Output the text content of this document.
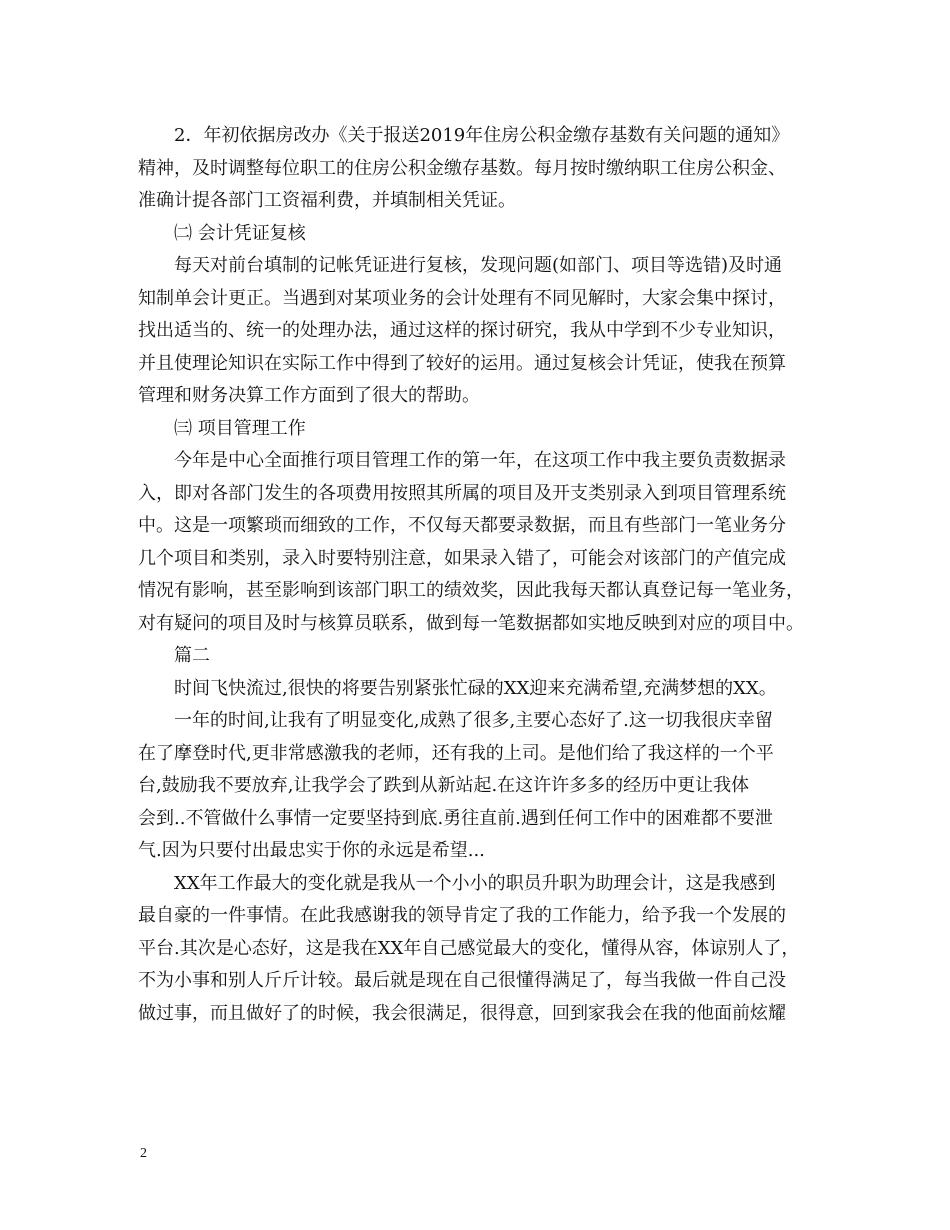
2．年初依据房改办《关于报送2019年住房公积金缴存基数有关问题的通知》
精神，及时调整每位职工的住房公积金缴存基数。每月按时缴纳职工住房公积金、
准确计提各部门工资福利费，并填制相关凭证。
㈡ 会计凭证复核
每天对前台填制的记帐凭证进行复核，发现问题(如部门、项目等选错)及时通
知制单会计更正。当遇到对某项业务的会计处理有不同见解时，大家会集中探讨，
找出适当的、统一的处理办法，通过这样的探讨研究，我从中学到不少专业知识，
并且使理论知识在实际工作中得到了较好的运用。通过复核会计凭证，使我在预算
管理和财务决算工作方面到了很大的帮助。
㈢ 项目管理工作
今年是中心全面推行项目管理工作的第一年，在这项工作中我主要负责数据录
入，即对各部门发生的各项费用按照其所属的项目及开支类别录入到项目管理系统
中。这是一项繁琐而细致的工作，不仅每天都要录数据，而且有些部门一笔业务分
几个项目和类别，录入时要特别注意，如果录入错了，可能会对该部门的产值完成
情况有影响，甚至影响到该部门职工的绩效奖，因此我每天都认真登记每一笔业务，
对有疑问的项目及时与核算员联系，做到每一笔数据都如实地反映到对应的项目中。
篇二
时间飞快流过,很快的将要告别紧张忙碌的XX迎来充满希望,充满梦想的XX。
一年的时间,让我有了明显变化,成熟了很多,主要心态好了.这一切我很庆幸留
在了摩登时代,更非常感激我的老师，还有我的上司。是他们给了我这样的一个平
台,鼓励我不要放弃,让我学会了跌到从新站起.在这许许多多的经历中更让我体
会到..不管做什么事情一定要坚持到底.勇往直前.遇到任何工作中的困难都不要泄
气.因为只要付出最忠实于你的永远是希望...
XX年工作最大的变化就是我从一个小小的职员升职为助理会计，这是我感到
最自豪的一件事情。在此我感谢我的领导肯定了我的工作能力，给予我一个发展的
平台.其次是心态好，这是我在XX年自己感觉最大的变化，懂得从容，体谅别人了，
不为小事和别人斤斤计较。最后就是现在自己很懂得满足了，每当我做一件自己没
做过事，而且做好了的时候，我会很满足，很得意，回到家我会在我的他面前炫耀
2
